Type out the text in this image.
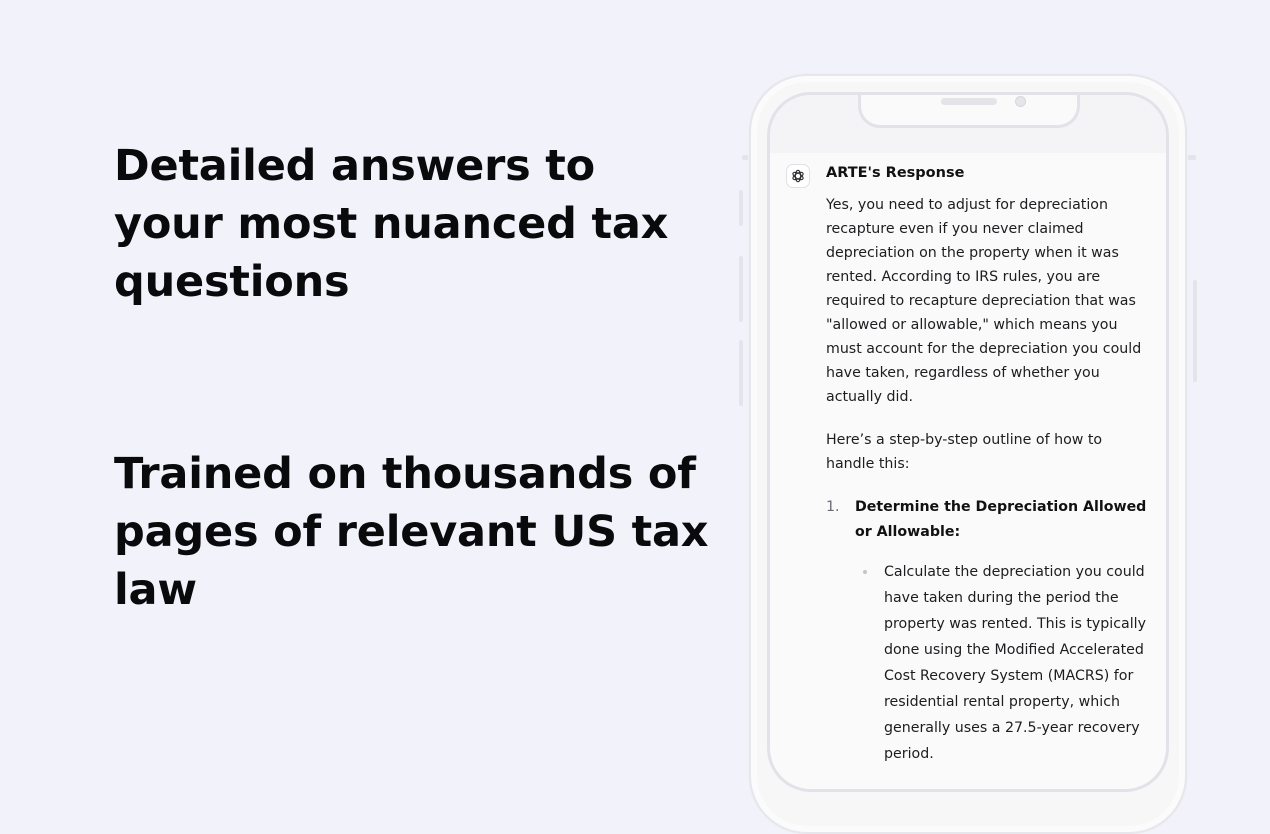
Detailed answers to your most nuanced tax questions
Trained on thousands of pages of relevant US tax law

ARTE's Response

Yes, you need to adjust for depreciation recapture even if you never claimed depreciation on the property when it was rented. According to IRS rules, you are required to recapture depreciation that was "allowed or allowable," which means you must account for the depreciation you could have taken, regardless of whether you actually did.

Here’s a step-by-step outline of how to handle this:

1. Determine the Depreciation Allowed or Allowable:
Calculate the depreciation you could have taken during the period the property was rented. This is typically done using the Modified Accelerated Cost Recovery System (MACRS) for residential rental property, which generally uses a 27.5-year recovery period.
